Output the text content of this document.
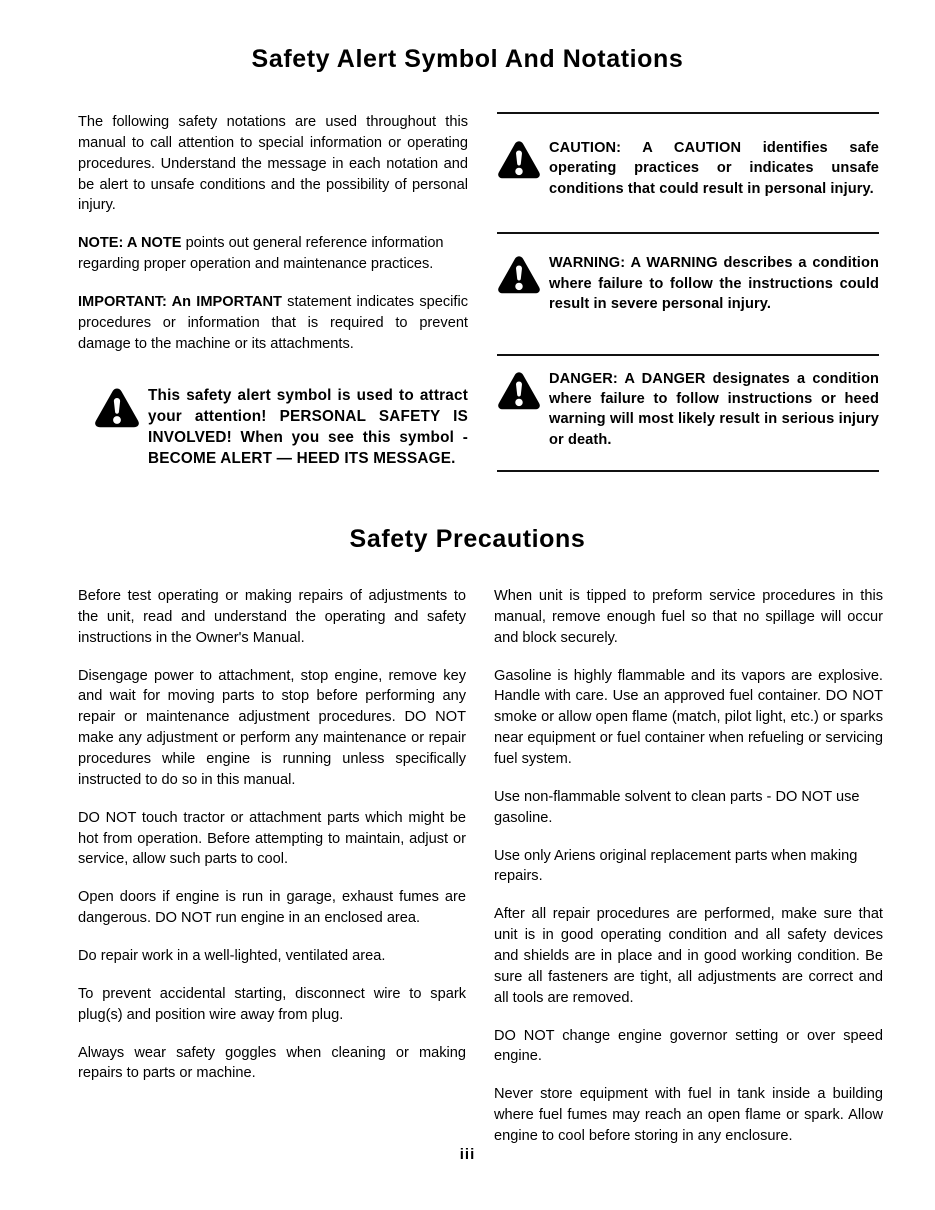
Safety Alert Symbol And Notations

The following safety notations are used throughout this manual to call attention to special information or operating procedures. Understand the message in each notation and be alert to unsafe conditions and the possibility of personal injury.

NOTE: A NOTE points out general reference information regarding proper operation and maintenance practices.

IMPORTANT: An IMPORTANT statement indicates specific procedures or information that is required to prevent damage to the machine or its attachments.

This safety alert symbol is used to attract your attention! PERSONAL SAFETY IS INVOLVED! When you see this symbol - BECOME ALERT — HEED ITS MESSAGE.
CAUTION: A CAUTION identifies safe operating practices or indicates unsafe conditions that could result in personal injury.
WARNING: A WARNING describes a condition where failure to follow the instructions could result in severe personal injury.
DANGER: A DANGER designates a condition where failure to follow instructions or heed warning will most likely result in serious injury or death.
Safety Precautions

Before test operating or making repairs of adjustments to the unit, read and understand the operating and safety instructions in the Owner's Manual.

Disengage power to attachment, stop engine, remove key and wait for moving parts to stop before performing any repair or maintenance adjustment procedures. DO NOT make any adjustment or perform any maintenance or repair procedures while engine is running unless specifically instructed to do so in this manual.

DO NOT touch tractor or attachment parts which might be hot from operation. Before attempting to maintain, adjust or service, allow such parts to cool.

Open doors if engine is run in garage, exhaust fumes are dangerous. DO NOT run engine in an enclosed area.

Do repair work in a well-lighted, ventilated area.

To prevent accidental starting, disconnect wire to spark plug(s) and position wire away from plug.

Always wear safety goggles when cleaning or making repairs to parts or machine.

When unit is tipped to preform service procedures in this manual, remove enough fuel so that no spillage will occur and block securely.

Gasoline is highly flammable and its vapors are explosive. Handle with care. Use an approved fuel container. DO NOT smoke or allow open flame (match, pilot light, etc.) or sparks near equipment or fuel container when refueling or servicing fuel system.

Use non-flammable solvent to clean parts - DO NOT use gasoline.

Use only Ariens original replacement parts when making repairs.

After all repair procedures are performed, make sure that unit is in good operating condition and all safety devices and shields are in place and in good working condition. Be sure all fasteners are tight, all adjustments are correct and all tools are removed.

DO NOT change engine governor setting or over speed engine.

Never store equipment with fuel in tank inside a building where fuel fumes may reach an open flame or spark. Allow engine to cool before storing in any enclosure.

iii
